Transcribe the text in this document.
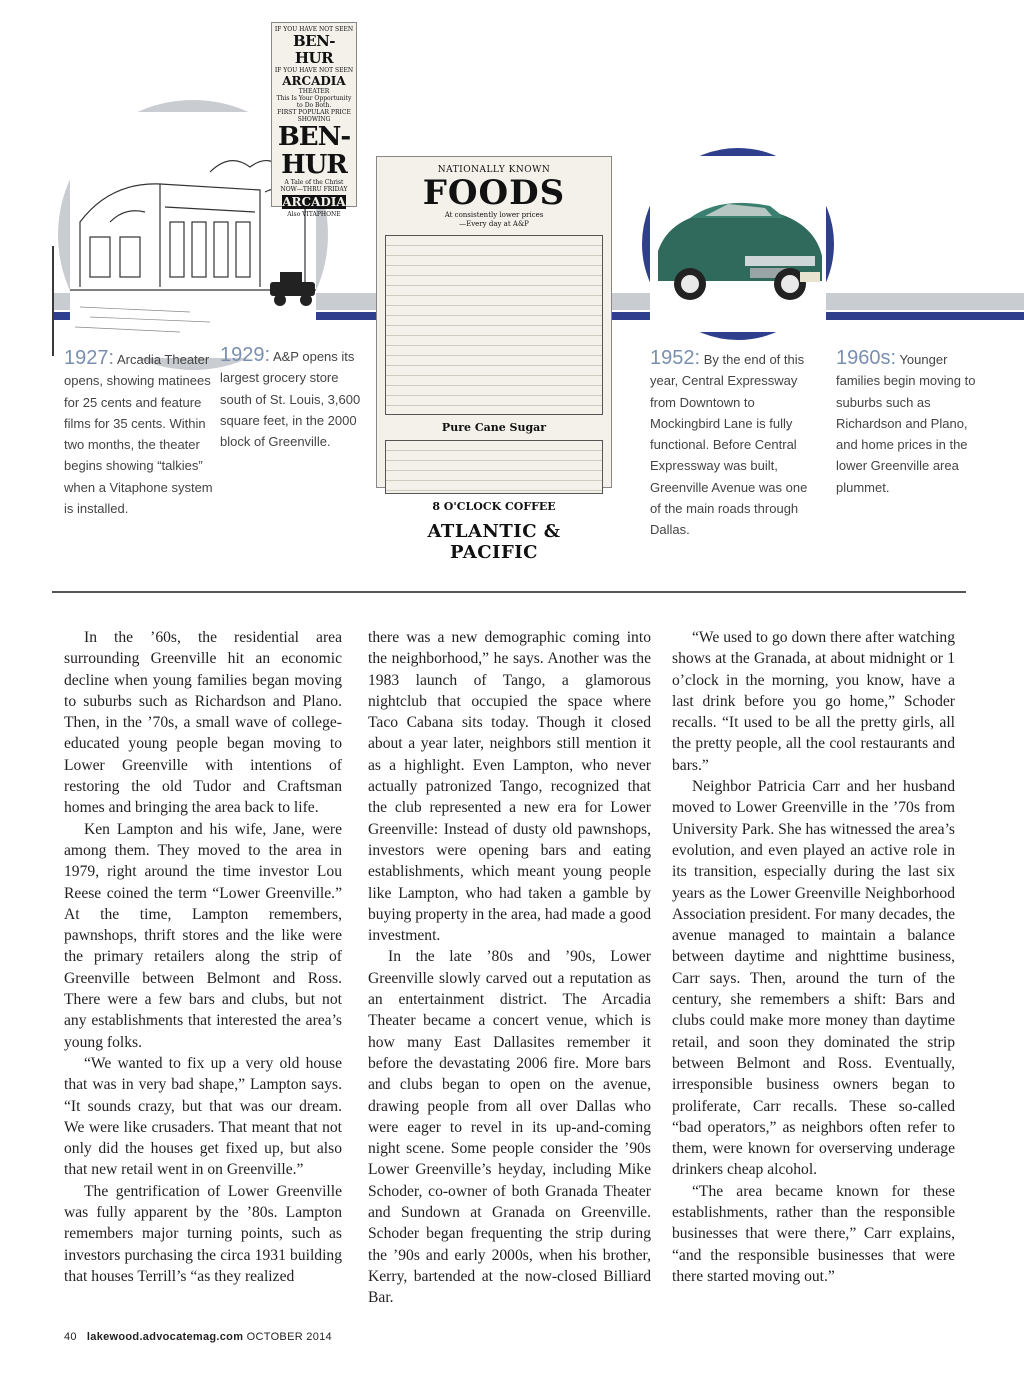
IF YOU HAVE NOT SEEN
BEN-HUR
IF YOU HAVE NOT SEEN
ARCADIA
THEATER
This Is Your Opportunity to Do Both.
FIRST POPULAR PRICE SHOWING
BEN-HUR
A Tale of the Christ
NOW—THRU FRIDAY
ARCADIA
Also VITAPHONE
NATIONALLY KNOWN
FOODS
At consistently lower prices
—Every day at A&P
Pure Cane Sugar
8 O'CLOCK COFFEE
ATLANTIC & PACIFIC
1927: Arcadia Theater opens, showing matinees for 25 cents and feature films for 35 cents. Within two months, the theater begins showing “talkies” when a Vitaphone system is installed.
1929: A&P opens its largest grocery store south of St. Louis, 3,600 square feet, in the 2000 block of Greenville.
1952: By the end of this year, Central Expressway from Downtown to Mockingbird Lane is fully functional. Before Central Expressway was built, Greenville Avenue was one of the main roads through Dallas.
1960s: Younger families begin moving to suburbs such as Richardson and Plano, and home prices in the lower Greenville area plummet.

In the ’60s, the residential area surrounding Greenville hit an economic decline when young families began moving to suburbs such as Richardson and Plano. Then, in the ’70s, a small wave of college-educated young people began moving to Lower Greenville with intentions of restoring the old Tudor and Craftsman homes and bringing the area back to life.

Ken Lampton and his wife, Jane, were among them. They moved to the area in 1979, right around the time investor Lou Reese coined the term “Lower Greenville.” At the time, Lampton remembers, pawnshops, thrift stores and the like were the primary retailers along the strip of Greenville between Belmont and Ross. There were a few bars and clubs, but not any establishments that interested the area’s young folks.

“We wanted to fix up a very old house that was in very bad shape,” Lampton says. “It sounds crazy, but that was our dream. We were like crusaders. That meant that not only did the houses get fixed up, but also that new retail went in on Greenville.”

The gentrification of Lower Greenville was fully apparent by the ’80s. Lampton remembers major turning points, such as investors purchasing the circa 1931 building that houses Terrill’s “as they realized

there was a new demographic coming into the neighborhood,” he says. Another was the 1983 launch of Tango, a glamorous nightclub that occupied the space where Taco Cabana sits today. Though it closed about a year later, neighbors still mention it as a highlight. Even Lampton, who never actually patronized Tango, recognized that the club represented a new era for Lower Greenville: Instead of dusty old pawnshops, investors were opening bars and eating establishments, which meant young people like Lampton, who had taken a gamble by buying property in the area, had made a good investment.

In the late ’80s and ’90s, Lower Greenville slowly carved out a reputation as an entertainment district. The Arcadia Theater became a concert venue, which is how many East Dallasites remember it before the devastating 2006 fire. More bars and clubs began to open on the avenue, drawing people from all over Dallas who were eager to revel in its up-and-coming night scene. Some people consider the ’90s Lower Greenville’s heyday, including Mike Schoder, co-owner of both Granada Theater and Sundown at Granada on Greenville. Schoder began frequenting the strip during the ’90s and early 2000s, when his brother, Kerry, bartended at the now-closed Billiard Bar.

“We used to go down there after watching shows at the Granada, at about midnight or 1 o’clock in the morning, you know, have a last drink before you go home,” Schoder recalls. “It used to be all the pretty girls, all the pretty people, all the cool restaurants and bars.”

Neighbor Patricia Carr and her husband moved to Lower Greenville in the ’70s from University Park. She has witnessed the area’s evolution, and even played an active role in its transition, especially during the last six years as the Lower Greenville Neighborhood Association president. For many decades, the avenue managed to maintain a balance between daytime and nighttime business, Carr says. Then, around the turn of the century, she remembers a shift: Bars and clubs could make more money than daytime retail, and soon they dominated the strip between Belmont and Ross. Eventually, irresponsible business owners began to proliferate, Carr recalls. These so-called “bad operators,” as neighbors often refer to them, were known for overserving underage drinkers cheap alcohol.

“The area became known for these establishments, rather than the responsible businesses that were there,” Carr explains, “and the responsible businesses that were there started moving out.”

40 lakewood.advocatemag.com OCTOBER 2014
